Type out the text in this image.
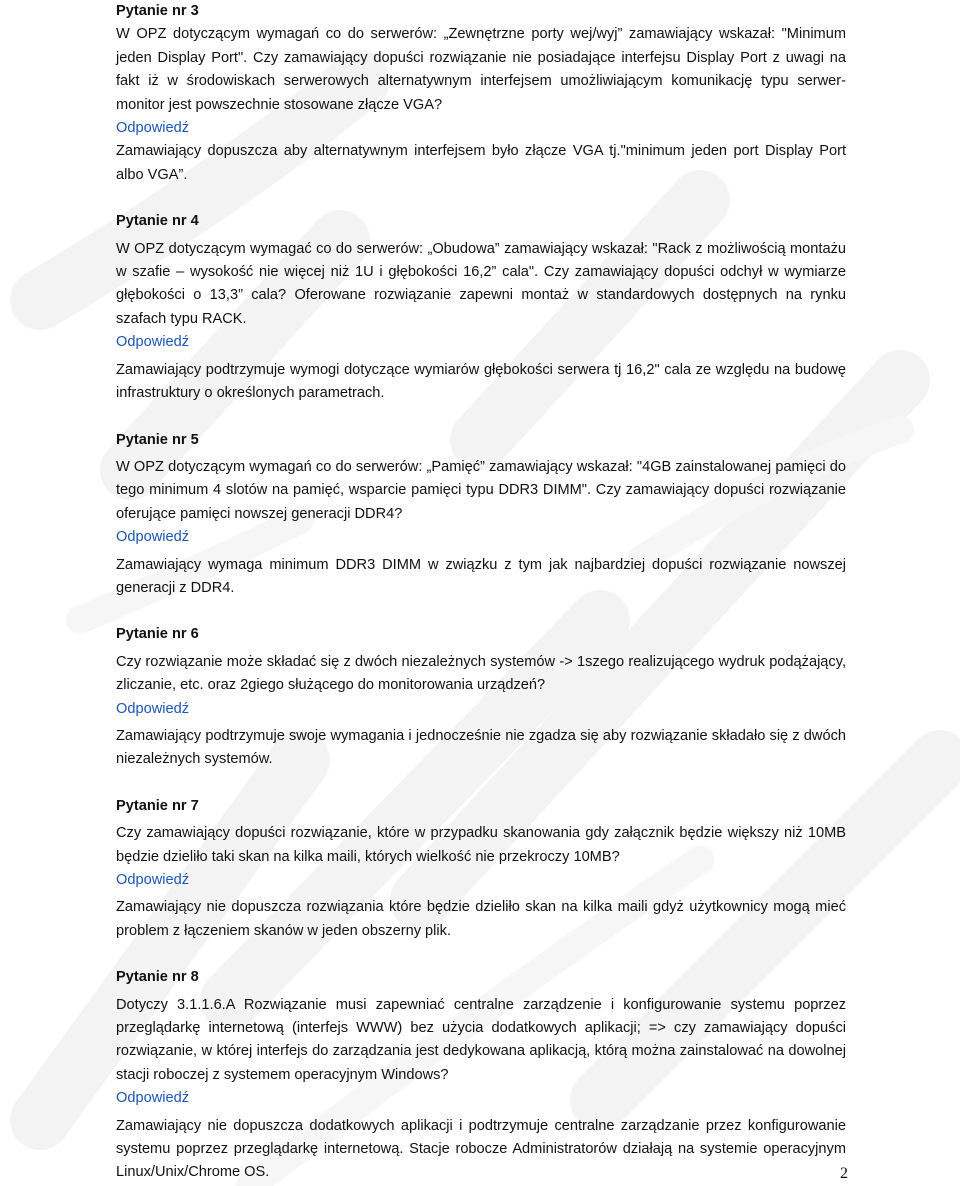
Pytanie nr 3

W OPZ dotyczącym wymagań co do serwerów: „Zewnętrzne porty wej/wyj” zamawiający wskazał: "Minimum jeden Display Port". Czy zamawiający dopuści rozwiązanie nie posiadające interfejsu Display Port z uwagi na fakt iż w środowiskach serwerowych alternatywnym interfejsem umożliwiającym komunikację typu serwer-monitor jest powszechnie stosowane złącze VGA?

Odpowiedź

Zamawiający dopuszcza aby alternatywnym interfejsem było złącze VGA tj."minimum jeden port Display Port albo VGA”.

Pytanie nr 4

W OPZ dotyczącym wymagać co do serwerów: „Obudowa” zamawiający wskazał: "Rack z możliwością montażu w szafie – wysokość nie więcej niż 1U i głębokości 16,2” cala". Czy zamawiający dopuści odchył w wymiarze głębokości o 13,3” cala? Oferowane rozwiązanie zapewni montaż w standardowych dostępnych na rynku szafach typu RACK.

Odpowiedź

Zamawiający podtrzymuje wymogi dotyczące wymiarów głębokości serwera tj 16,2" cala ze względu na budowę infrastruktury o określonych parametrach.

Pytanie nr 5

W OPZ dotyczącym wymagań co do serwerów: „Pamięć” zamawiający wskazał: "4GB zainstalowanej pamięci do tego minimum 4 slotów na pamięć, wsparcie pamięci typu DDR3 DIMM". Czy zamawiający dopuści rozwiązanie oferujące pamięci nowszej generacji DDR4?

Odpowiedź

Zamawiający wymaga minimum DDR3 DIMM w związku z tym jak najbardziej dopuści rozwiązanie nowszej generacji z DDR4.

Pytanie nr 6

Czy rozwiązanie może składać się z dwóch niezależnych systemów -> 1szego realizującego wydruk podążający, zliczanie, etc. oraz 2giego służącego do monitorowania urządzeń?

Odpowiedź

Zamawiający podtrzymuje swoje wymagania i jednocześnie nie zgadza się aby rozwiązanie składało się z dwóch niezależnych systemów.

Pytanie nr 7

Czy zamawiający dopuści rozwiązanie, które w przypadku skanowania gdy załącznik będzie większy niż 10MB będzie dzieliło taki skan na kilka maili, których wielkość nie przekroczy 10MB?

Odpowiedź

Zamawiający nie dopuszcza rozwiązania które będzie dzieliło skan na kilka maili gdyż użytkownicy mogą mieć problem z łączeniem skanów w jeden obszerny plik.

Pytanie nr 8

Dotyczy 3.1.1.6.A Rozwiązanie musi zapewniać centralne zarządzenie i konfigurowanie systemu poprzez przeglądarkę internetową (interfejs WWW) bez użycia dodatkowych aplikacji; => czy zamawiający dopuści rozwiązanie, w której interfejs do zarządzania jest dedykowana aplikacją, którą można zainstalować na dowolnej stacji roboczej z systemem operacyjnym Windows?

Odpowiedź

Zamawiający nie dopuszcza dodatkowych aplikacji i podtrzymuje centralne zarządzanie przez konfigurowanie systemu poprzez przeglądarkę internetową. Stacje robocze Administratorów działają na systemie operacyjnym Linux/Unix/Chrome OS.	2
